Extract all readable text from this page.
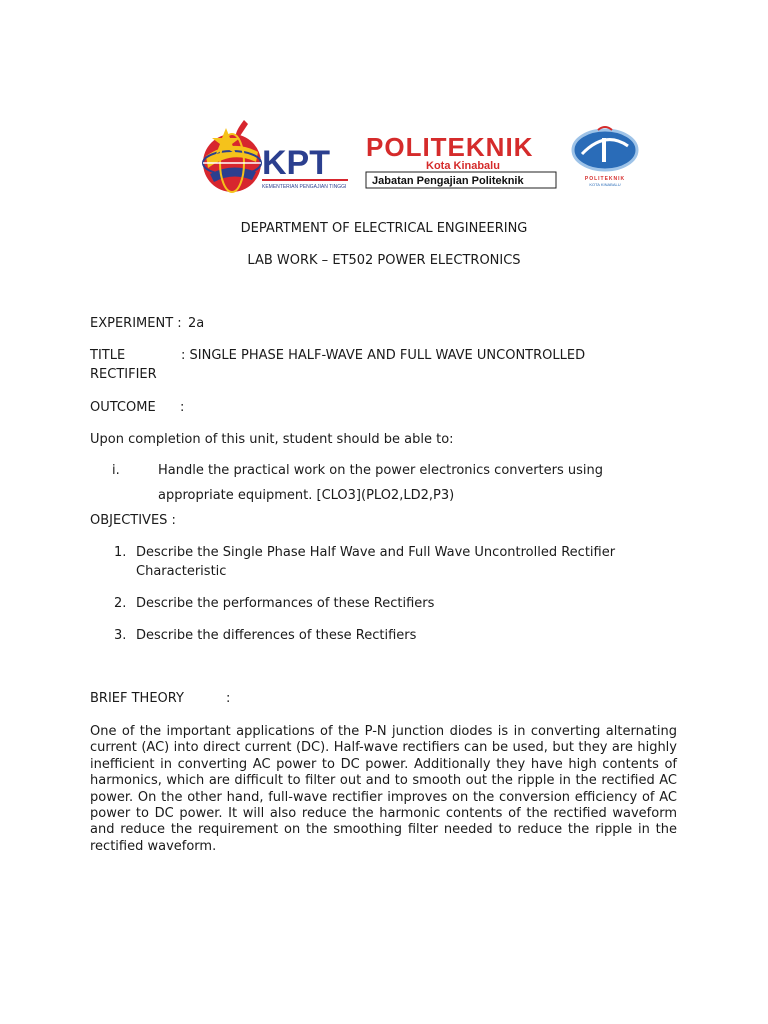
KPT
KEMENTERIAN PENGAJIAN TINGGI
POLITEKNIK
Kota Kinabalu
Jabatan Pengajian Politeknik	POLITEKNIK
KOTA KINABALU
DEPARTMENT OF ELECTRICAL ENGINEERING
LAB WORK – ET502 POWER ELECTRONICS
EXPERIMENT : 2a
TITLE	: SINGLE PHASE HALF-WAVE AND FULL WAVE UNCONTROLLED
RECTIFIER
OUTCOME :
Upon completion of this unit, student should be able to:
i.	Handle the practical work on the power electronics converters using
appropriate equipment. [CLO3](PLO2,LD2,P3)
OBJECTIVES :
1. Describe the Single Phase Half Wave and Full Wave Uncontrolled Rectifier
Characteristic
2. Describe the performances of these Rectifiers
3. Describe the differences of these Rectifiers
BRIEF THEORY	:
One of the important applications of the P-N junction diodes is in converting alternating current (AC) into direct current (DC). Half-wave rectifiers can be used, but they are highly inefficient in converting AC power to DC power. Additionally they have high contents of harmonics, which are difficult to filter out and to smooth out the ripple in the rectified AC power. On the other hand, full-wave rectifier improves on the conversion efficiency of AC power to DC power. It will also reduce the harmonic contents of the rectified waveform and reduce the requirement on the smoothing filter needed to reduce the ripple in the rectified waveform.
